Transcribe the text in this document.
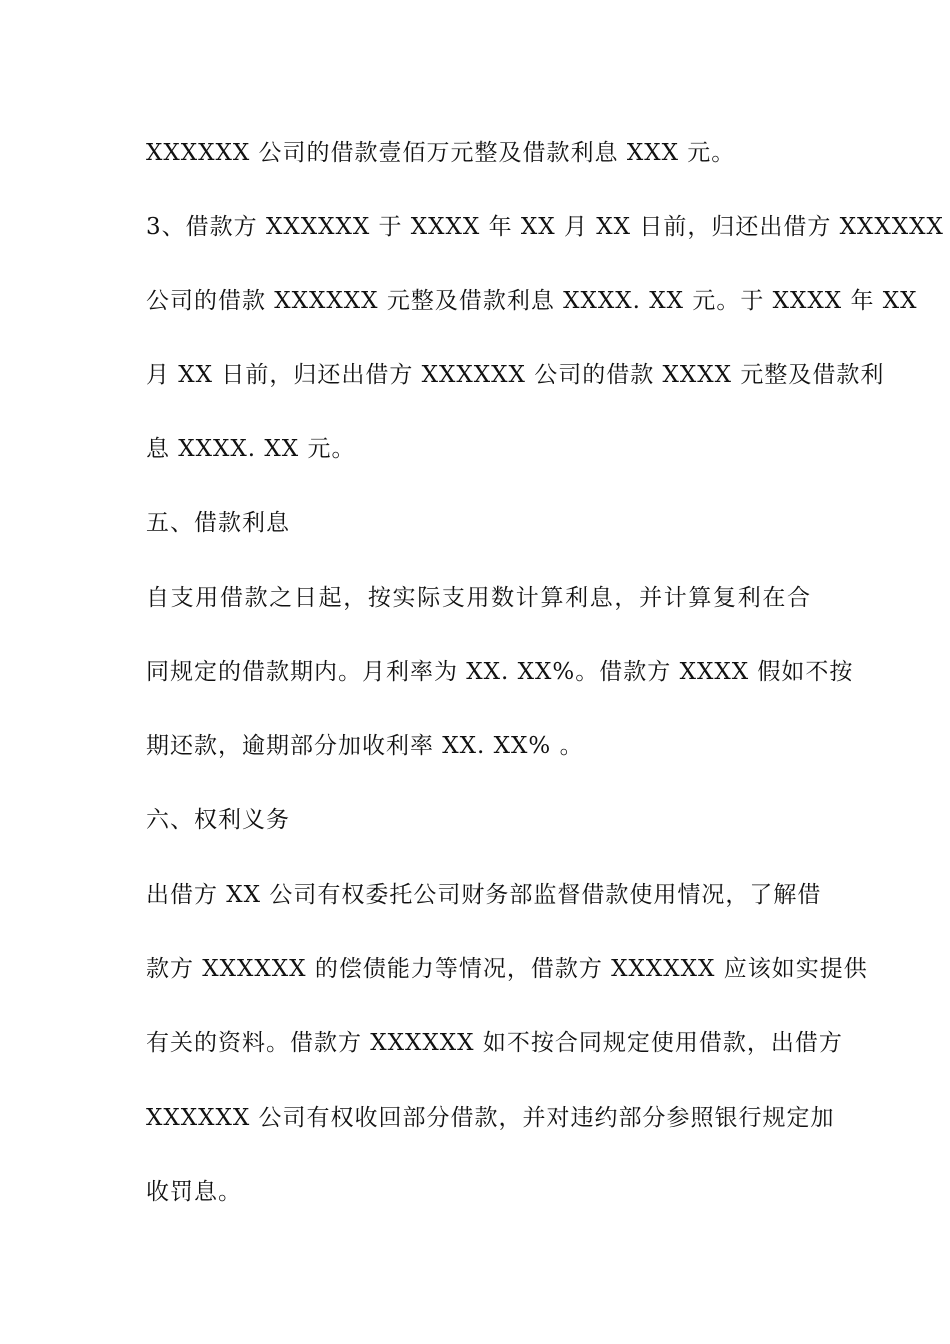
XXXXXX 公司的借款壹佰万元整及借款利息 XXX 元。
3、借款方 XXXXXX 于 XXXX 年 XX 月 XX 日前，归还出借方 XXXXXX
公司的借款 XXXXXX 元整及借款利息 XXXX. XX 元。于 XXXX 年 XX
月 XX 日前，归还出借方 XXXXXX 公司的借款 XXXX 元整及借款利
息 XXXX. XX 元。
五、借款利息
自支用借款之日起，按实际支用数计算利息，并计算复利在合
同规定的借款期内。月利率为 XX. XX%。借款方 XXXX 假如不按
期还款，逾期部分加收利率 XX. XX% 。
六、权利义务
出借方 XX 公司有权委托公司财务部监督借款使用情况，了解借
款方 XXXXXX 的偿债能力等情况，借款方 XXXXXX 应该如实提供
有关的资料。借款方 XXXXXX 如不按合同规定使用借款，出借方
XXXXXX 公司有权收回部分借款，并对违约部分参照银行规定加
收罚息。
